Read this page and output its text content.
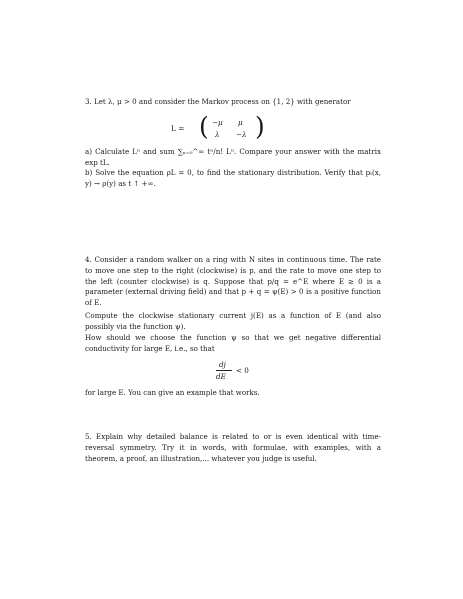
3. Let λ, μ > 0 and consider the Markov process on {1, 2} with generator
L = ( −μ μ
λ −λ )
a) Calculate Lⁿ and sum ∑ₙ₌₀^∞ tⁿ/n! Lⁿ. Compare your answer with the matrix exp tL.
b) Solve the equation ρL = 0, to find the stationary distribution. Verify that pₜ(x, y) → ρ(y) as t ↑ +∞.
4. Consider a random walker on a ring with N sites in continuous time. The rate to move one step to the right (clockwise) is p, and the rate to move one step to the left (counter clockwise) is q. Suppose that p/q = e^E where E ≥ 0 is a parameter (external driving field) and that p + q = ψ(E) > 0 is a positive function of E.
Compute the clockwise stationary current j(E) as a function of E (and also possibly via the function ψ).
How should we choose the function ψ so that we get negative differential conductivity for large E, i.e., so that
dj
dE
< 0
for large E. You can give an example that works.
5. Explain why detailed balance is related to or is even identical with time-reversal symmetry. Try it in words, with formulae, with examples, with a theorem, a proof, an illustration,... whatever you judge is useful.
